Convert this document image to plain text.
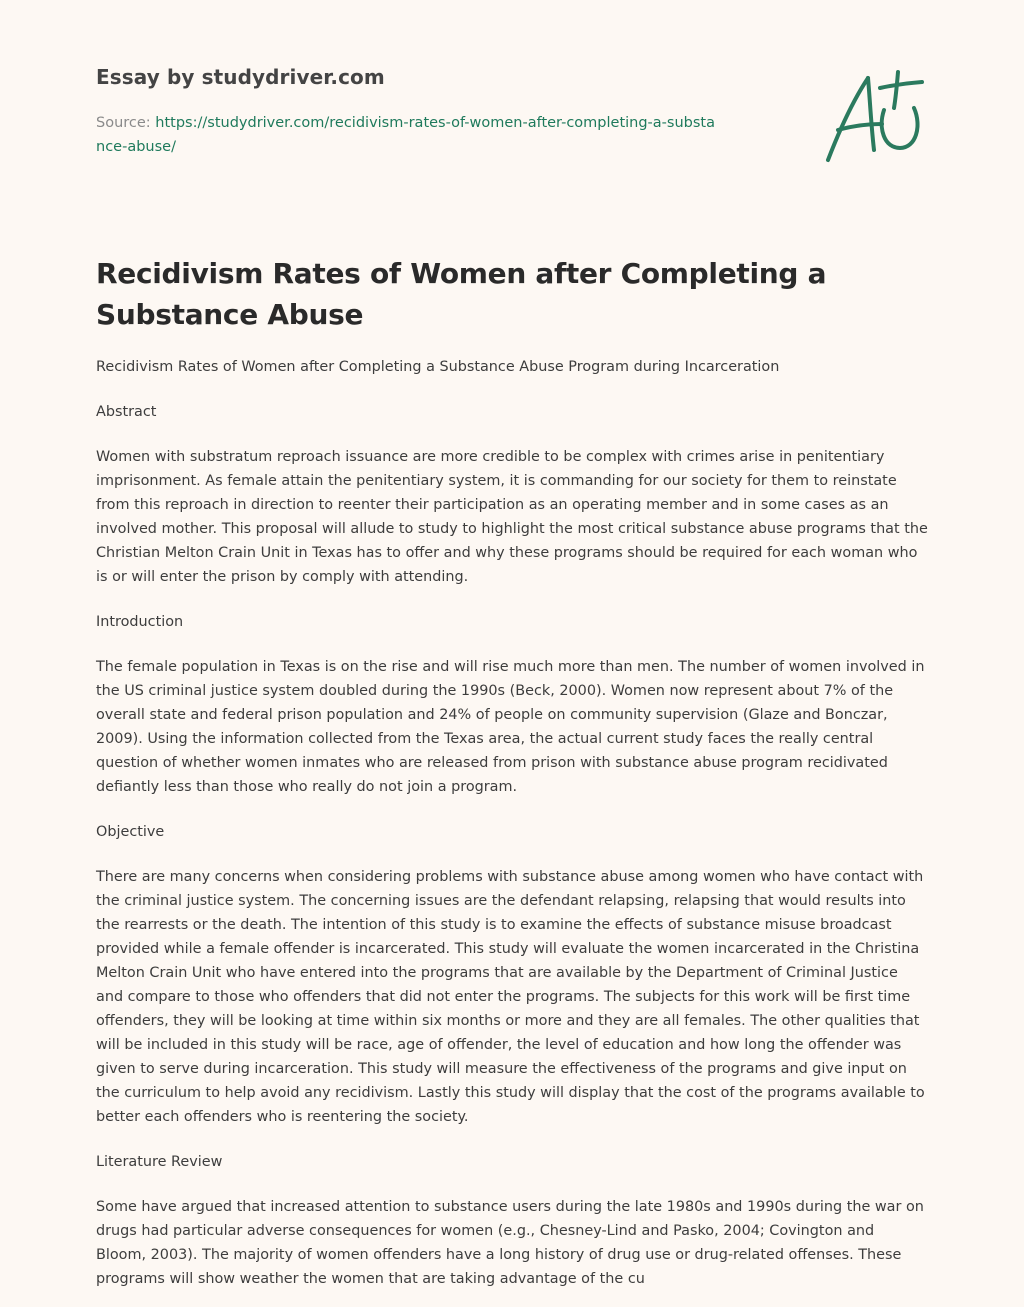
Essay by studydriver.com
Source: https://studydriver.com/recidivism-rates-of-women-after-completing-a-substance-abuse/
Recidivism Rates of Women after Completing a Substance Abuse

Recidivism Rates of Women after Completing a Substance Abuse Program during Incarceration

Abstract

Women with substratum reproach issuance are more credible to be complex with crimes arise in penitentiary imprisonment. As female attain the penitentiary system, it is commanding for our society for them to reinstate from this reproach in direction to reenter their participation as an operating member and in some cases as an involved mother. This proposal will allude to study to highlight the most critical substance abuse programs that the Christian Melton Crain Unit in Texas has to offer and why these programs should be required for each woman who is or will enter the prison by comply with attending.

Introduction

The female population in Texas is on the rise and will rise much more than men. The number of women involved in the US criminal justice system doubled during the 1990s (Beck, 2000). Women now represent about 7% of the overall state and federal prison population and 24% of people on community supervision (Glaze and Bonczar, 2009). Using the information collected from the Texas area, the actual current study faces the really central question of whether women inmates who are released from prison with substance abuse program recidivated defiantly less than those who really do not join a program.

Objective

There are many concerns when considering problems with substance abuse among women who have contact with the criminal justice system. The concerning issues are the defendant relapsing, relapsing that would results into the rearrests or the death. The intention of this study is to examine the effects of substance misuse broadcast provided while a female offender is incarcerated. This study will evaluate the women incarcerated in the Christina Melton Crain Unit who have entered into the programs that are available by the Department of Criminal Justice and compare to those who offenders that did not enter the programs. The subjects for this work will be first time offenders, they will be looking at time within six months or more and they are all females. The other qualities that will be included in this study will be race, age of offender, the level of education and how long the offender was given to serve during incarceration. This study will measure the effectiveness of the programs and give input on the curriculum to help avoid any recidivism. Lastly this study will display that the cost of the programs available to better each offenders who is reentering the society.

Literature Review

Some have argued that increased attention to substance users during the late 1980s and 1990s during the war on drugs had particular adverse consequences for women (e.g., Chesney-Lind and Pasko, 2004; Covington and Bloom, 2003). The majority of women offenders have a long history of drug use or drug-related offenses. These programs will show weather the women that are taking advantage of the cu
